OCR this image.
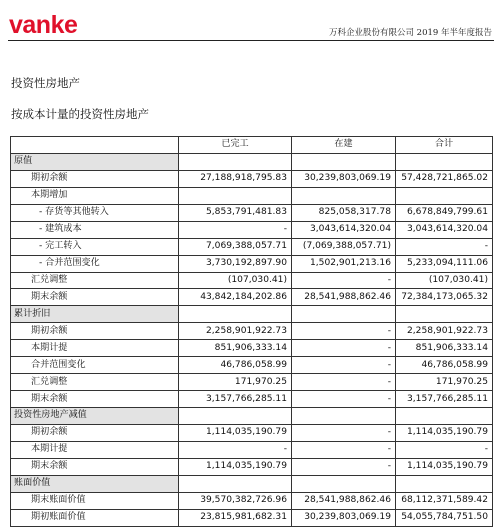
vanke	万科企业股份有限公司 2019 年半年度报告
投资性房地产
按成本计量的投资性房地产
	已完工	在建	合计
原值			
期初余额	27,188,918,795.83	30,239,803,069.19	57,428,721,865.02
本期增加			
- 存货等其他转入	5,853,791,481.83	825,058,317.78	6,678,849,799.61
- 建筑成本	-	3,043,614,320.04	3,043,614,320.04
- 完工转入	7,069,388,057.71	(7,069,388,057.71)	-
- 合并范围变化	3,730,192,897.90	1,502,901,213.16	5,233,094,111.06
汇兑调整	(107,030.41)	-	(107,030.41)
期末余额	43,842,184,202.86	28,541,988,862.46	72,384,173,065.32
累计折旧			
期初余额	2,258,901,922.73	-	2,258,901,922.73
本期计提	851,906,333.14	-	851,906,333.14
合并范围变化	46,786,058.99	-	46,786,058.99
汇兑调整	171,970.25	-	171,970.25
期末余额	3,157,766,285.11	-	3,157,766,285.11
投资性房地产减值			
期初余额	1,114,035,190.79	-	1,114,035,190.79
本期计提	-	-	-
期末余额	1,114,035,190.79	-	1,114,035,190.79
账面价值			
期末账面价值	39,570,382,726.96	28,541,988,862.46	68,112,371,589.42
期初账面价值	23,815,981,682.31	30,239,803,069.19	54,055,784,751.50
